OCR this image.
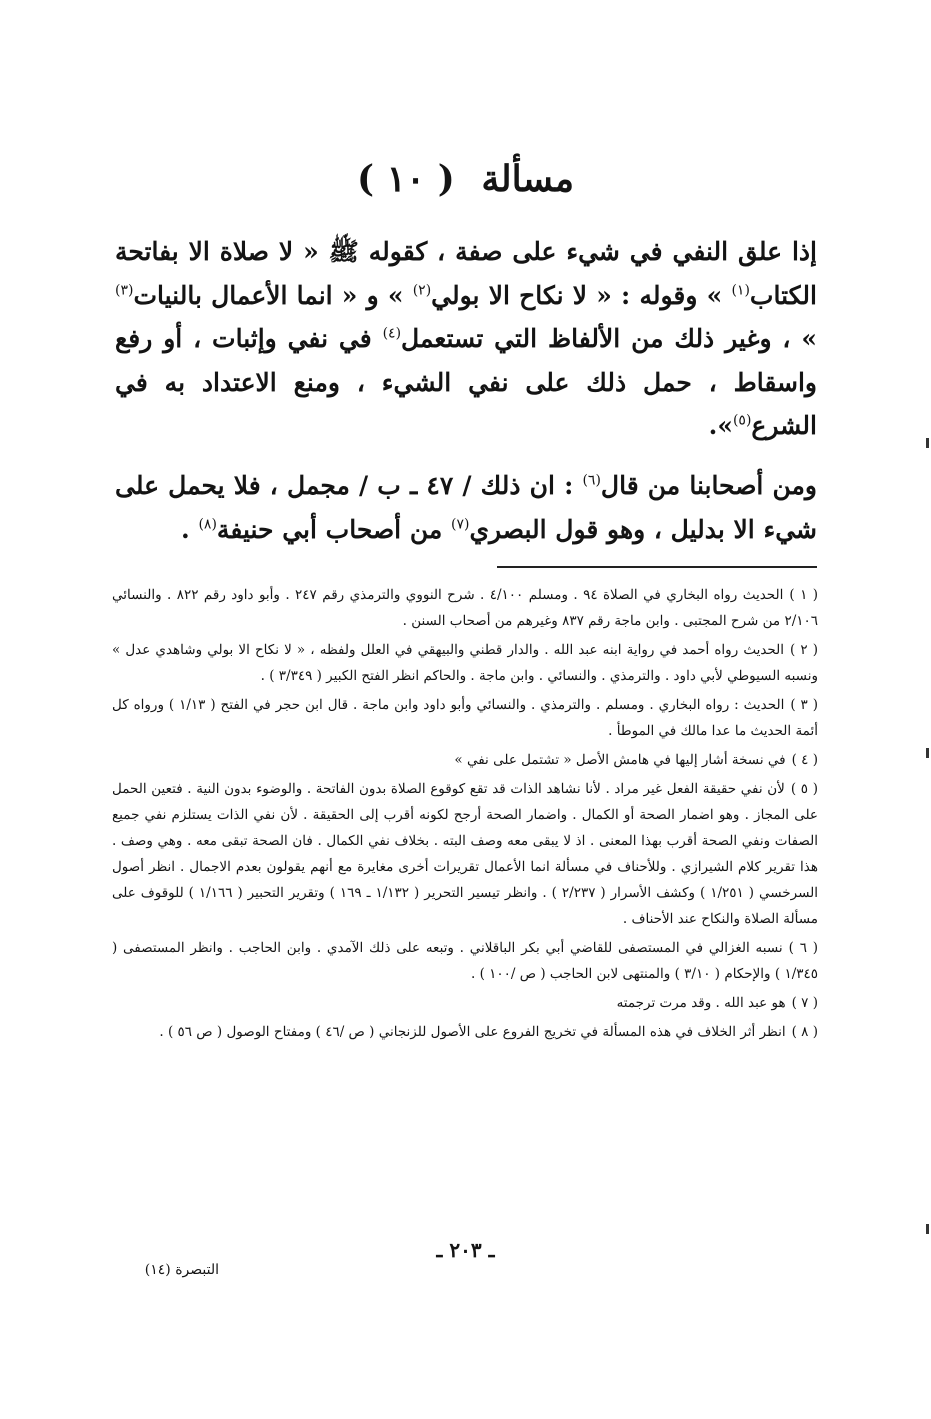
مسألة ( ١٠ )
إذا علق النفي في شيء على صفة ، كقوله ﷺ « لا صلاة الا بفاتحة الكتاب$^{(١)}$ » وقوله : « لا نكاح الا بولي$^{(٢)}$ » و « انما الأعمال بالنيات$^{(٣)}$ » ، وغير ذلك من الألفاظ التي تستعمل$^{(٤)}$ في نفي وإثبات ، أو رفع واسقاط ، حمل ذلك على نفي الشيء ، ومنع الاعتداد به في الشرع$^{(٥)}$».
ومن أصحابنا من قال$^{(٦)}$ : ان ذلك / ٤٧ ـ ب / مجمل ، فلا يحمل على شيء الا بدليل ، وهو قول البصري$^{(٧)}$ من أصحاب أبي حنيفة$^{(٨)}$ .

( ١ )الحديث رواه البخاري في الصلاة ٩٤ . ومسلم ٤/١٠٠ . شرح النووي والترمذي رقم ٢٤٧ . وأبو داود رقم ٨٢٢ . والنسائي ٢/١٠٦ من شرح المجتبى . وابن ماجة رقم ٨٣٧ وغيرهم من أصحاب السنن .

( ٢ )الحديث رواه أحمد في رواية ابنه عبد الله . والدار قطني والبيهقي في العلل ولفظه ، « لا نكاح الا بولي وشاهدي عدل » ونسبه السيوطي لأبي داود . والترمذي . والنسائي . وابن ماجة . والحاكم انظر الفتح الكبير ( ٣/٣٤٩ ) .

( ٣ )الحديث : رواه البخاري . ومسلم . والترمذي . والنسائي وأبو داود وابن ماجة . قال ابن حجر في الفتح ( ١/١٣ ) ورواه كل أئمة الحديث ما عدا مالك في الموطأ .

( ٤ )في نسخة أشار إليها في هامش الأصل « تشتمل على نفي »

( ٥ )لأن نفي حقيقة الفعل غير مراد . لأنا نشاهد الذات قد تقع كوقوع الصلاة بدون الفاتحة . والوضوء بدون النية . فتعين الحمل على المجاز . وهو اضمار الصحة أو الكمال . واضمار الصحة أرجح لكونه أقرب إلى الحقيقة . لأن نفي الذات يستلزم نفي جميع الصفات ونفي الصحة أقرب بهذا المعنى . اذ لا يبقى معه وصف البته . بخلاف نفي الكمال . فان الصحة تبقى معه . وهي وصف . هذا تقرير كلام الشيرازي . وللأحناف في مسألة انما الأعمال تقريرات أخرى مغايرة مع أنهم يقولون بعدم الاجمال . انظر أصول السرخسي ( ١/٢٥١ ) وكشف الأسرار ( ٢/٢٣٧ ) . وانظر تيسير التحرير ( ١/١٣٢ ـ ١٦٩ ) وتقرير التحبير ( ١/١٦٦ ) للوقوف على مسألة الصلاة والنكاح عند الأحناف .

( ٦ )نسبه الغزالي في المستصفى للقاضي أبي بكر الباقلاني . وتبعه على ذلك الآمدي . وابن الحاجب . وانظر المستصفى ( ١/٣٤٥ ) والإحكام ( ٣/١٠ ) والمنتهى لابن الحاجب ( ص /١٠٠ ) .

( ٧ )هو عبد الله . وقد مرت ترجمته

( ٨ )انظر أثر الخلاف في هذه المسألة في تخريج الفروع على الأصول للزنجاني ( ص /٤٦ ) ومفتاح الوصول ( ص ٥٦ ) .

ـ ٢٠٣ ـ
التبصرة (١٤)
